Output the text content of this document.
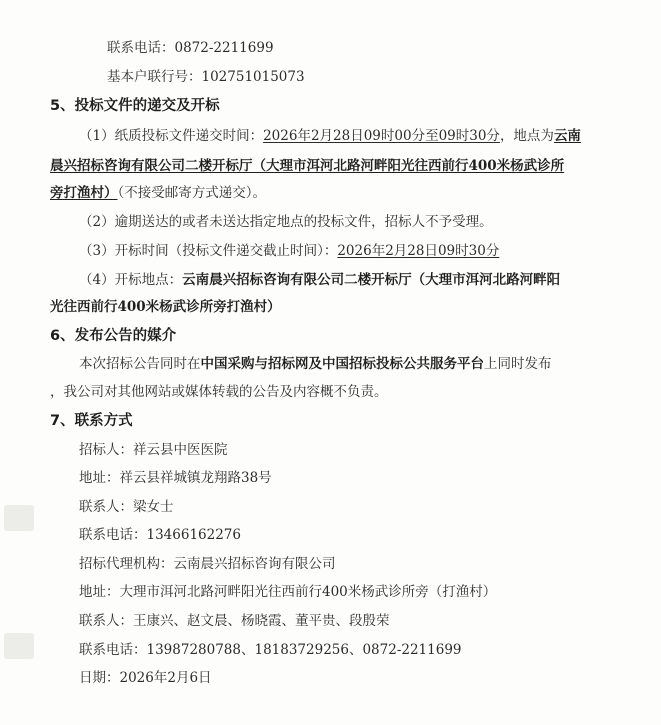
联系电话：0872-2211699
基本户联行号：102751015073
5、投标文件的递交及开标
（1）纸质投标文件递交时间：2026年2月28日09时00分至09时30分，地点为云南
晨兴招标咨询有限公司二楼开标厅（大理市洱河北路河畔阳光往西前行400米杨武诊所
旁打渔村）（不接受邮寄方式递交）。
（2）逾期送达的或者未送达指定地点的投标文件，招标人不予受理。
（3）开标时间（投标文件递交截止时间）：2026年2月28日09时30分
（4）开标地点：云南晨兴招标咨询有限公司二楼开标厅（大理市洱河北路河畔阳
光往西前行400米杨武诊所旁打渔村）
6、发布公告的媒介
本次招标公告同时在中国采购与招标网及中国招标投标公共服务平台上同时发布
，我公司对其他网站或媒体转载的公告及内容概不负责。
7、联系方式
招标人：祥云县中医医院
地址：祥云县祥城镇龙翔路38号
联系人：梁女士
联系电话：13466162276
招标代理机构：云南晨兴招标咨询有限公司
地址：大理市洱河北路河畔阳光往西前行400米杨武诊所旁（打渔村）
联系人：王康兴、赵文晨、杨晓霞、董平贵、段殷荣
联系电话：13987280788、18183729256、0872-2211699
日期：2026年2月6日
